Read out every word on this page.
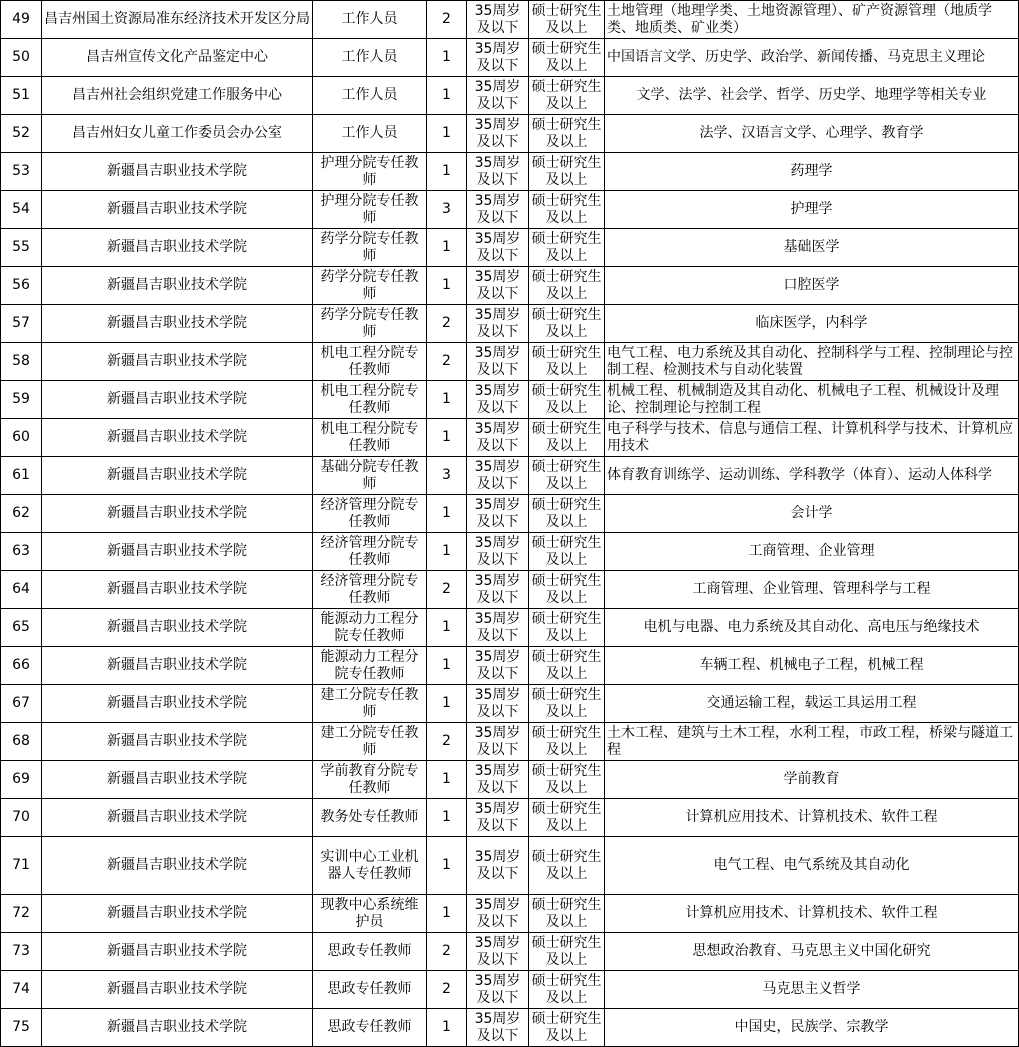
49	昌吉州国土资源局准东经济技术开发区分局	工作人员	2	35周岁及以下	硕士研究生及以上	土地管理（地理学类、土地资源管理）、矿产资源管理（地质学类、地质类、矿业类）
50	昌吉州宣传文化产品鉴定中心	工作人员	1	35周岁及以下	硕士研究生及以上	中国语言文学、历史学、政治学、新闻传播、马克思主义理论
51	昌吉州社会组织党建工作服务中心	工作人员	1	35周岁及以下	硕士研究生及以上	文学、法学、社会学、哲学、历史学、地理学等相关专业
52	昌吉州妇女儿童工作委员会办公室	工作人员	1	35周岁及以下	硕士研究生及以上	法学、汉语言文学、心理学、教育学
53	新疆昌吉职业技术学院	护理分院专任教师	1	35周岁及以下	硕士研究生及以上	药理学
54	新疆昌吉职业技术学院	护理分院专任教师	3	35周岁及以下	硕士研究生及以上	护理学
55	新疆昌吉职业技术学院	药学分院专任教师	1	35周岁及以下	硕士研究生及以上	基础医学
56	新疆昌吉职业技术学院	药学分院专任教师	1	35周岁及以下	硕士研究生及以上	口腔医学
57	新疆昌吉职业技术学院	药学分院专任教师	2	35周岁及以下	硕士研究生及以上	临床医学，内科学
58	新疆昌吉职业技术学院	机电工程分院专任教师	2	35周岁及以下	硕士研究生及以上	电气工程、电力系统及其自动化、控制科学与工程、控制理论与控制工程、检测技术与自动化装置
59	新疆昌吉职业技术学院	机电工程分院专任教师	1	35周岁及以下	硕士研究生及以上	机械工程、机械制造及其自动化、机械电子工程、机械设计及理论、控制理论与控制工程
60	新疆昌吉职业技术学院	机电工程分院专任教师	1	35周岁及以下	硕士研究生及以上	电子科学与技术、信息与通信工程、计算机科学与技术、计算机应用技术
61	新疆昌吉职业技术学院	基础分院专任教师	3	35周岁及以下	硕士研究生及以上	体育教育训练学、运动训练、学科教学（体育）、运动人体科学
62	新疆昌吉职业技术学院	经济管理分院专任教师	1	35周岁及以下	硕士研究生及以上	会计学
63	新疆昌吉职业技术学院	经济管理分院专任教师	1	35周岁及以下	硕士研究生及以上	工商管理、企业管理
64	新疆昌吉职业技术学院	经济管理分院专任教师	2	35周岁及以下	硕士研究生及以上	工商管理、企业管理、管理科学与工程
65	新疆昌吉职业技术学院	能源动力工程分院专任教师	1	35周岁及以下	硕士研究生及以上	电机与电器、电力系统及其自动化、高电压与绝缘技术
66	新疆昌吉职业技术学院	能源动力工程分院专任教师	1	35周岁及以下	硕士研究生及以上	车辆工程、机械电子工程，机械工程
67	新疆昌吉职业技术学院	建工分院专任教师	1	35周岁及以下	硕士研究生及以上	交通运输工程，载运工具运用工程
68	新疆昌吉职业技术学院	建工分院专任教师	2	35周岁及以下	硕士研究生及以上	土木工程、建筑与土木工程，水利工程，市政工程，桥梁与隧道工程
69	新疆昌吉职业技术学院	学前教育分院专任教师	1	35周岁及以下	硕士研究生及以上	学前教育
70	新疆昌吉职业技术学院	教务处专任教师	1	35周岁及以下	硕士研究生及以上	计算机应用技术、计算机技术、软件工程
71	新疆昌吉职业技术学院	实训中心工业机器人专任教师	1	35周岁及以下	硕士研究生及以上	电气工程、电气系统及其自动化
72	新疆昌吉职业技术学院	现教中心系统维护员	1	35周岁及以下	硕士研究生及以上	计算机应用技术、计算机技术、软件工程
73	新疆昌吉职业技术学院	思政专任教师	2	35周岁及以下	硕士研究生及以上	思想政治教育、马克思主义中国化研究
74	新疆昌吉职业技术学院	思政专任教师	2	35周岁及以下	硕士研究生及以上	马克思主义哲学
75	新疆昌吉职业技术学院	思政专任教师	1	35周岁及以下	硕士研究生及以上	中国史，民族学、宗教学
